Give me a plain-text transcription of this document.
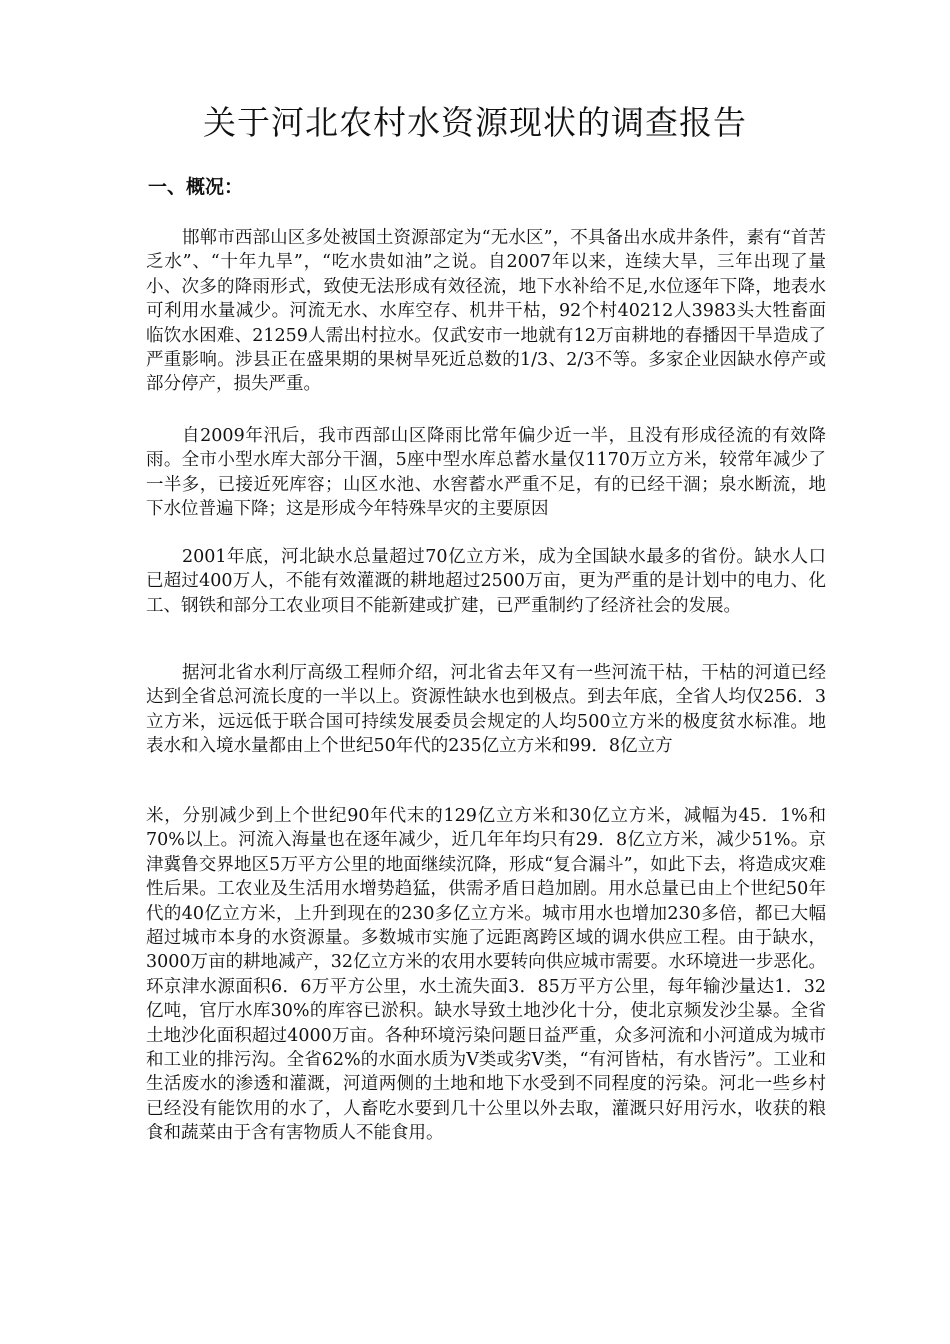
关于河北农村水资源现状的调查报告
一、概况：

邯郸市西部山区多处被国土资源部定为“无水区”，不具备出水成井条件，素有“首苦乏水”、“十年九旱”，“吃水贵如油”之说。自2007年以来，连续大旱，三年出现了量小、次多的降雨形式，致使无法形成有效径流，地下水补给不足,水位逐年下降，地表水可利用水量减少。河流无水、水库空存、机井干枯，92个村40212人3983头大牲畜面临饮水困难、21259人需出村拉水。仅武安市一地就有12万亩耕地的春播因干旱造成了严重影响。涉县正在盛果期的果树旱死近总数的1/3、2/3不等。多家企业因缺水停产或部分停产，损失严重。

自2009年汛后，我市西部山区降雨比常年偏少近一半，且没有形成径流的有效降雨。全市小型水库大部分干涸，5座中型水库总蓄水量仅1170万立方米，较常年减少了一半多，已接近死库容；山区水池、水窖蓄水严重不足，有的已经干涸；泉水断流，地下水位普遍下降；这是形成今年特殊旱灾的主要原因

2001年底，河北缺水总量超过70亿立方米，成为全国缺水最多的省份。缺水人口已超过400万人，不能有效灌溉的耕地超过2500万亩，更为严重的是计划中的电力、化工、钢铁和部分工农业项目不能新建或扩建，已严重制约了经济社会的发展。

据河北省水利厅高级工程师介绍，河北省去年又有一些河流干枯，干枯的河道已经达到全省总河流长度的一半以上。资源性缺水也到极点。到去年底，全省人均仅256．3立方米，远远低于联合国可持续发展委员会规定的人均500立方米的极度贫水标准。地表水和入境水量都由上个世纪50年代的235亿立方米和99．8亿立方

米，分别减少到上个世纪90年代末的129亿立方米和30亿立方米，减幅为45．1%和70%以上。河流入海量也在逐年减少，近几年年均只有29．8亿立方米，减少51%。京津冀鲁交界地区5万平方公里的地面继续沉降，形成“复合漏斗”，如此下去，将造成灾难性后果。工农业及生活用水增势趋猛，供需矛盾日趋加剧。用水总量已由上个世纪50年代的40亿立方米，上升到现在的230多亿立方米。城市用水也增加230多倍，都已大幅超过城市本身的水资源量。多数城市实施了远距离跨区域的调水供应工程。由于缺水，3000万亩的耕地减产，32亿立方米的农用水要转向供应城市需要。水环境进一步恶化。环京津水源面积6．6万平方公里，水土流失面3．85万平方公里，每年输沙量达1．32亿吨，官厅水库30%的库容已淤积。缺水导致土地沙化十分，使北京频发沙尘暴。全省土地沙化面积超过4000万亩。各种环境污染问题日益严重，众多河流和小河道成为城市和工业的排污沟。全省62%的水面水质为V类或劣V类，“有河皆枯，有水皆污”。工业和生活废水的渗透和灌溉，河道两侧的土地和地下水受到不同程度的污染。河北一些乡村已经没有能饮用的水了，人畜吃水要到几十公里以外去取，灌溉只好用污水，收获的粮食和蔬菜由于含有害物质人不能食用。
